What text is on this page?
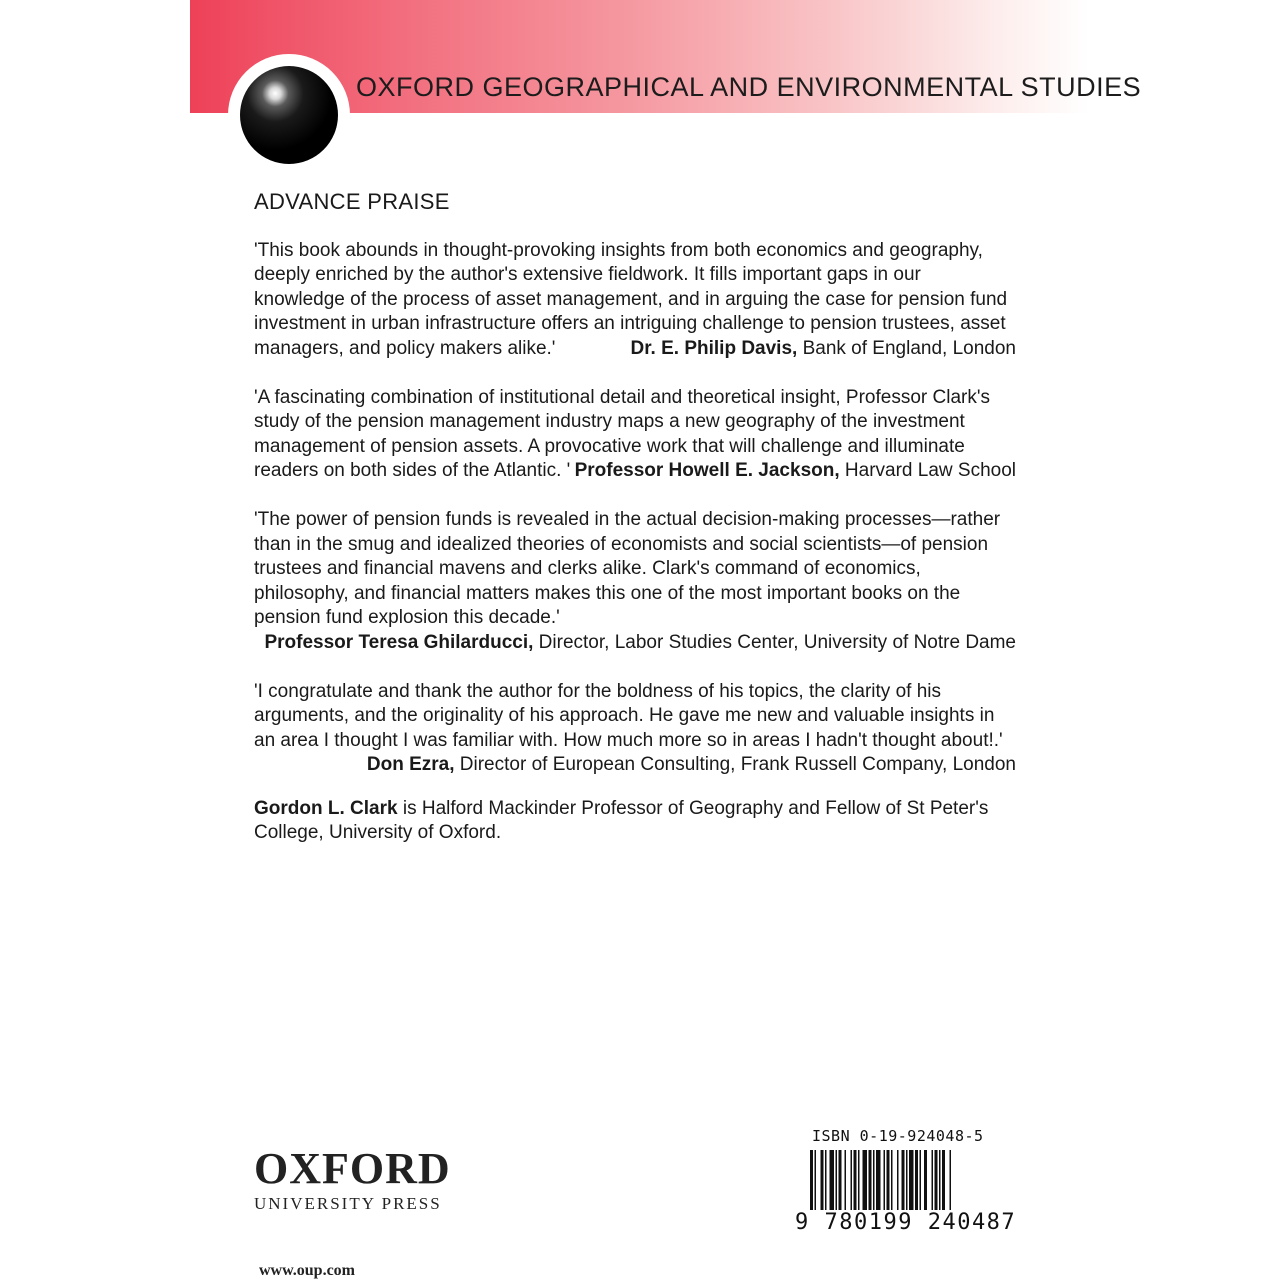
OXFORD GEOGRAPHICAL AND ENVIRONMENTAL STUDIES
ADVANCE PRAISE
'This book abounds in thought-provoking insights from both economics and geography, deeply enriched by the author's extensive fieldwork. It fills important gaps in our knowledge of the process of asset management, and in arguing the case for pension fund investment in urban infrastructure offers an intriguing challenge to pension trustees, asset managers, and policy makers alike.'	Dr. E. Philip Davis, Bank of England, London
'A fascinating combination of institutional detail and theoretical insight, Professor Clark's study of the pension management industry maps a new geography of the investment management of pension assets. A provocative work that will challenge and illuminate readers on both sides of the Atlantic. ' Professor Howell E. Jackson, Harvard Law School
'The power of pension funds is revealed in the actual decision-making processes—rather than in the smug and idealized theories of economists and social scientists—of pension trustees and financial mavens and clerks alike. Clark's command of economics, philosophy, and financial matters makes this one of the most important books on the pension fund explosion this decade.'
Professor Teresa Ghilarducci, Director, Labor Studies Center, University of Notre Dame
'I congratulate and thank the author for the boldness of his topics, the clarity of his arguments, and the originality of his approach. He gave me new and valuable insights in an area I thought I was familiar with. How much more so in areas I hadn't thought about!.'
Don Ezra, Director of European Consulting, Frank Russell Company, London
Gordon L. Clark is Halford Mackinder Professor of Geography and Fellow of St Peter's College, University of Oxford.
OXFORD
UNIVERSITY PRESS
www.oup.com
ISBN 0-19-924048-5
9 780199 240487
